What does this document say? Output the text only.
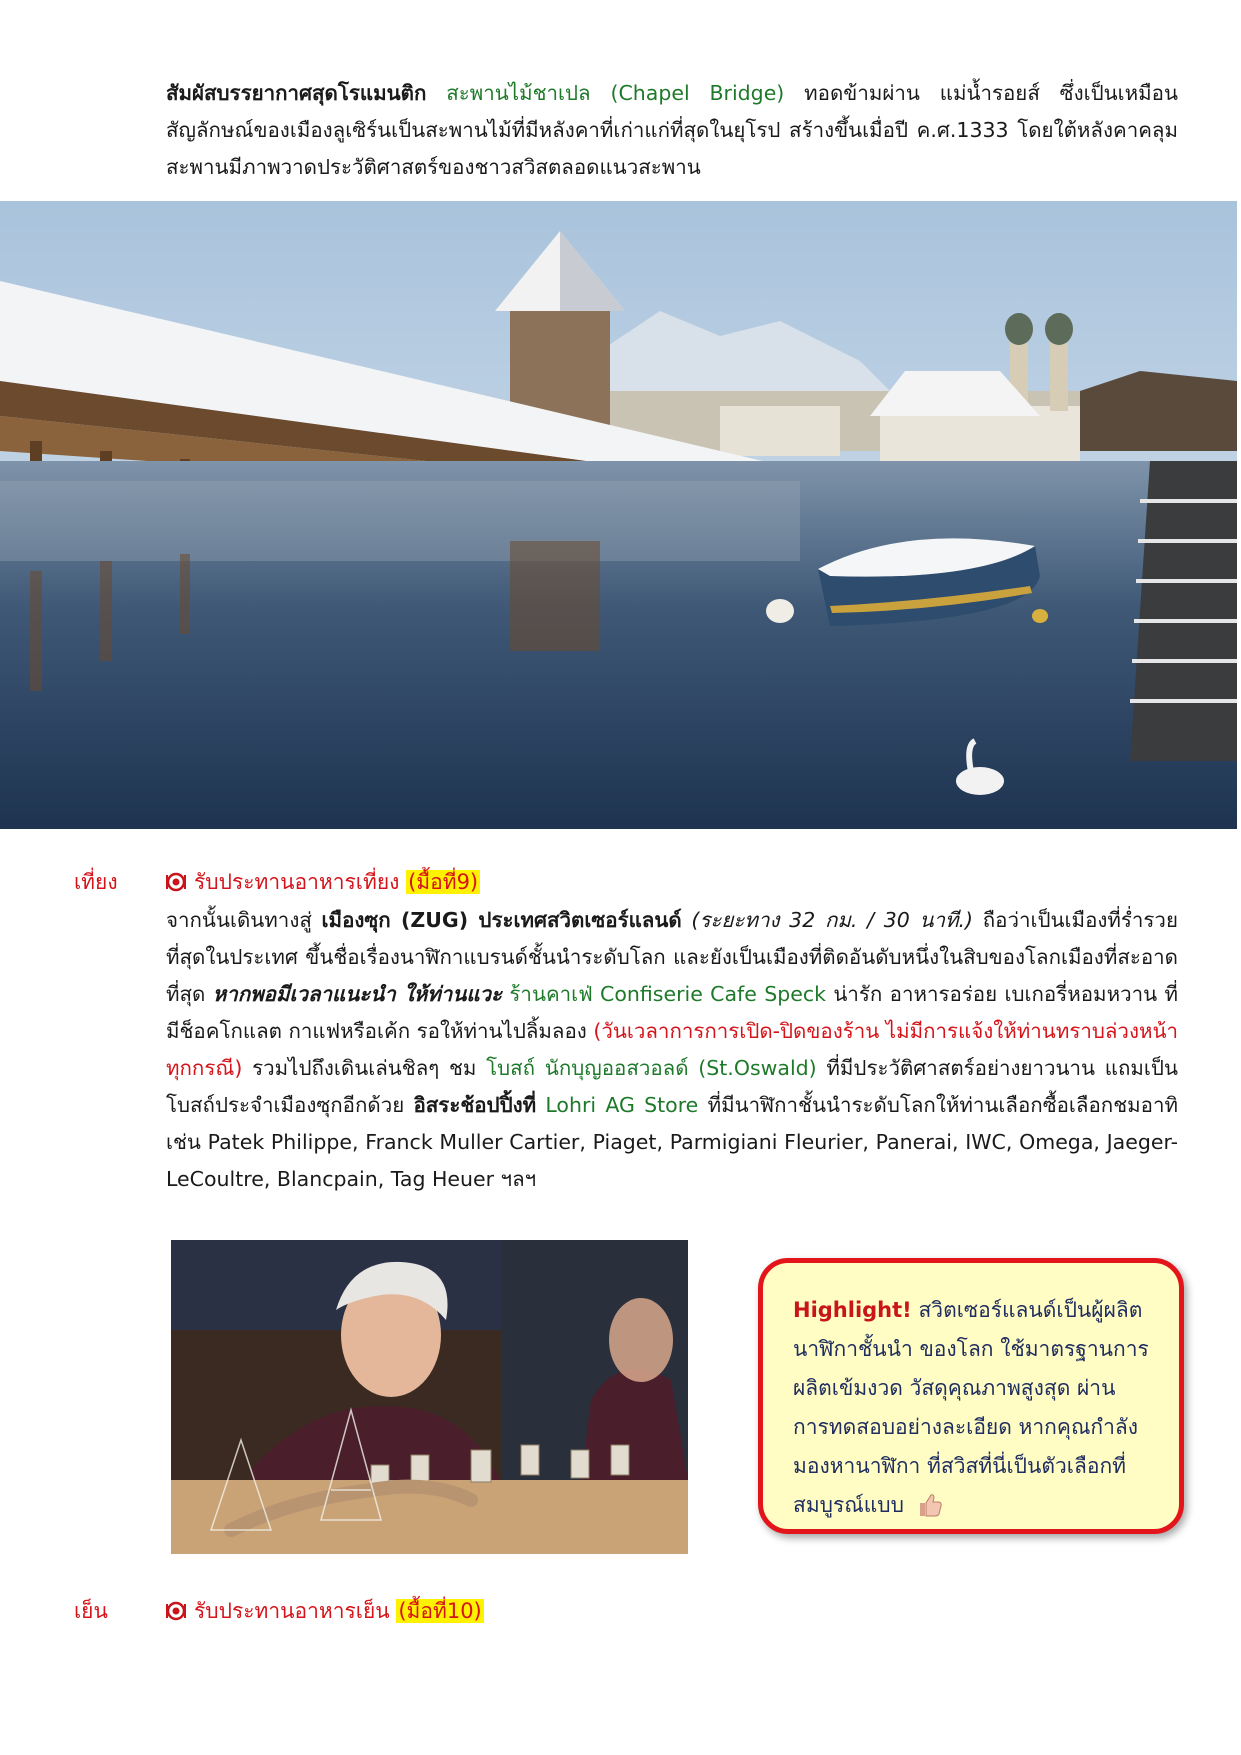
สัมผัสบรรยากาศสุดโรแมนติก สะพานไม้ชาเปล (Chapel Bridge) ทอดข้ามผ่าน แม่น้ำรอยส์ ซึ่งเป็นเหมือนสัญลักษณ์ของเมืองลูเซิร์นเป็นสะพานไม้ที่มีหลังคาที่เก่าแก่ที่สุดในยุโรป สร้างขึ้นเมื่อปี ค.ศ.1333 โดยใต้หลังคาคลุมสะพานมีภาพวาดประวัติศาสตร์ของชาวสวิสตลอดแนวสะพาน
เที่ยง	รับประทานอาหารเที่ยง (มื้อที่9)
จากนั้นเดินทางสู่ เมืองซุก (ZUG) ประเทศสวิตเซอร์แลนด์ (ระยะทาง 32 กม. / 30 นาที.) ถือว่าเป็นเมืองที่ร่ำรวยที่สุดในประเทศ ขึ้นชื่อเรื่องนาฬิกาแบรนด์ชั้นนำระดับโลก และยังเป็นเมืองที่ติดอันดับหนึ่งในสิบของโลกเมืองที่สะอาดที่สุด หากพอมีเวลาแนะนำ ให้ท่านแวะ ร้านคาเฟ่ Confiserie Cafe Speck น่ารัก อาหารอร่อย เบเกอรี่หอมหวาน ที่มีช็อคโกแลต กาแฟหรือเค้ก รอให้ท่านไปลิ้มลอง (วันเวลาการการเปิด-ปิดของร้าน ไม่มีการแจ้งให้ท่านทราบล่วงหน้าทุกกรณี) รวมไปถึงเดินเล่นชิลๆ ชม โบสถ์ นักบุญออสวอลด์ (St.Oswald) ที่มีประวัติศาสตร์อย่างยาวนาน แถมเป็นโบสถ์ประจำเมืองซุกอีกด้วย อิสระช้อปปิ้งที่ Lohri AG Store ที่มีนาฬิกาชั้นนำระดับโลกให้ท่านเลือกซื้อเลือกชมอาทิ เช่น Patek Philippe, Franck Muller Cartier, Piaget, Parmigiani Fleurier, Panerai, IWC, Omega, Jaeger-LeCoultre, Blancpain, Tag Heuer ฯลฯ
Highlight! สวิตเซอร์แลนด์เป็นผู้ผลิตนาฬิกาชั้นนำ ของโลก ใช้มาตรฐานการผลิตเข้มงวด วัสดุคุณภาพสูงสุด ผ่านการทดสอบอย่างละเอียด หากคุณกำลังมองหานาฬิกา ที่สวิสที่นี่เป็นตัวเลือกที่สมบูรณ์แบบ
เย็น	รับประทานอาหารเย็น (มื้อที่10)
